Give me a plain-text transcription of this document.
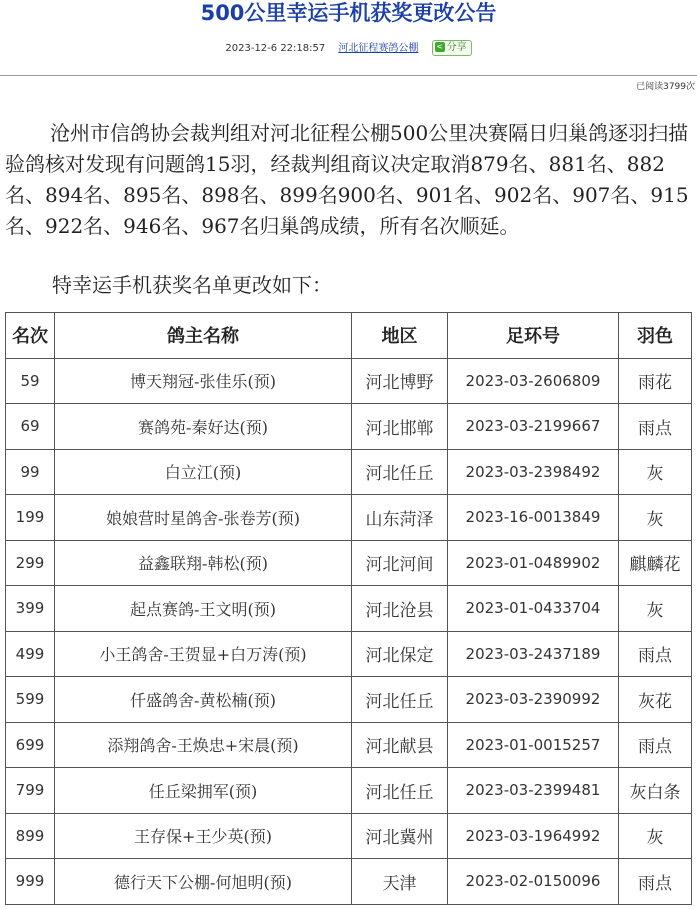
500公里幸运手机获奖更改公告
2023-12-6 22:18:57 河北征程赛鸽公棚 < 分享
已阅读3799次

沧州市信鸽协会裁判组对河北征程公棚500公里决赛隔日归巢鸽逐羽扫描验鸽核对发现有问题鸽15羽，经裁判组商议决定取消879名、881名、882名、894名、895名、898名、899名900名、901名、902名、907名、915名、922名、946名、967名归巢鸽成绩，所有名次顺延。

特幸运手机获奖名单更改如下：
名次	鸽主名称	地区	足环号	羽色
59	博天翔冠-张佳乐(预)	河北博野	2023-03-2606809	雨花
69	赛鸽苑-秦好达(预)	河北邯郸	2023-03-2199667	雨点
99	白立江(预)	河北任丘	2023-03-2398492	灰
199	娘娘营时星鸽舍-张卷芳(预)	山东菏泽	2023-16-0013849	灰
299	益鑫联翔-韩松(预)	河北河间	2023-01-0489902	麒麟花
399	起点赛鸽-王文明(预)	河北沧县	2023-01-0433704	灰
499	小王鸽舍-王贺显+白万涛(预)	河北保定	2023-03-2437189	雨点
599	仟盛鸽舍-黄松楠(预)	河北任丘	2023-03-2390992	灰花
699	添翔鸽舍-王焕忠+宋晨(预)	河北献县	2023-01-0015257	雨点
799	任丘梁拥军(预)	河北任丘	2023-03-2399481	灰白条
899	王存保+王少英(预)	河北冀州	2023-03-1964992	灰
999	德行天下公棚-何旭明(预)	天津	2023-02-0150096	雨点
